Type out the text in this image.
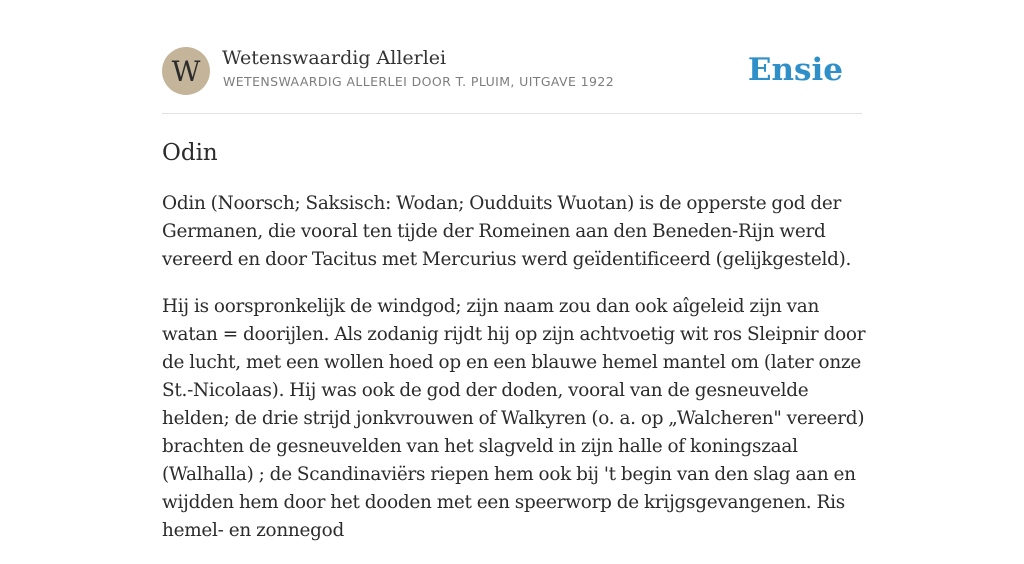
W	Wetenswaardig Allerlei
WETENSWAARDIG ALLERLEI DOOR T. PLUIM, UITGAVE 1922	Ensie
Odin

Odin (Noorsch; Saksisch: Wodan; Oudduits Wuotan) is de opperste god der Germanen, die vooral ten tijde der Romeinen aan den Beneden-Rijn werd vereerd en door Tacitus met Mercurius werd geïdentificeerd (gelijkgesteld).

Hij is oorspronkelijk de windgod; zijn naam zou dan ook aîgeleid zijn van watan = doorijlen. Als zodanig rijdt hij op zijn achtvoetig wit ros Sleipnir door de lucht, met een wollen hoed op en een blauwe hemel mantel om (later onze St.-Nicolaas). Hij was ook de god der doden, vooral van de gesneuvelde helden; de drie strijd jonkvrouwen of Walkyren (o. a. op „Walcheren" vereerd) brachten de gesneuvelden van het slagveld in zijn halle of koningszaal (Walhalla) ; de Scandinaviërs riepen hem ook bij 't begin van den slag aan en wijdden hem door het dooden met een speerworp de krijgsgevangenen. Ris hemel- en zonnegod
